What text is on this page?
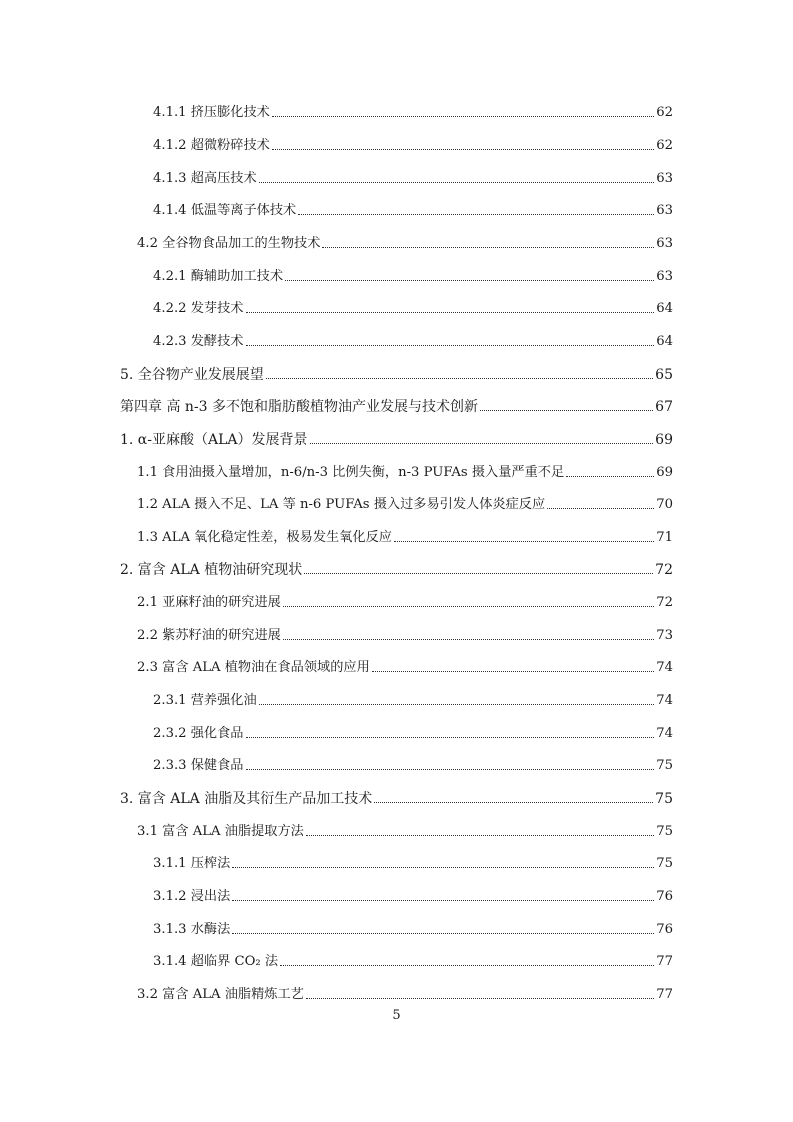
4.1.1 挤压膨化技术	62
4.1.2 超微粉碎技术	62
4.1.3 超高压技术	63
4.1.4 低温等离子体技术	63
4.2 全谷物食品加工的生物技术	63
4.2.1 酶辅助加工技术	63
4.2.2 发芽技术	64
4.2.3 发酵技术	64
5. 全谷物产业发展展望	65
第四章 高 n-3 多不饱和脂肪酸植物油产业发展与技术创新	67
1. α-亚麻酸（ALA）发展背景	69
1.1 食用油摄入量增加，n-6/n-3 比例失衡，n-3 PUFAs 摄入量严重不足	69
1.2 ALA 摄入不足、LA 等 n-6 PUFAs 摄入过多易引发人体炎症反应	70
1.3 ALA 氧化稳定性差，极易发生氧化反应	71
2. 富含 ALA 植物油研究现状	72
2.1 亚麻籽油的研究进展	72
2.2 紫苏籽油的研究进展	73
2.3 富含 ALA 植物油在食品领域的应用	74
2.3.1 营养强化油	74
2.3.2 强化食品	74
2.3.3 保健食品	75
3. 富含 ALA 油脂及其衍生产品加工技术	75
3.1 富含 ALA 油脂提取方法	75
3.1.1 压榨法	75
3.1.2 浸出法	76
3.1.3 水酶法	76
3.1.4 超临界 CO₂ 法	77
3.2 富含 ALA 油脂精炼工艺	77
5
